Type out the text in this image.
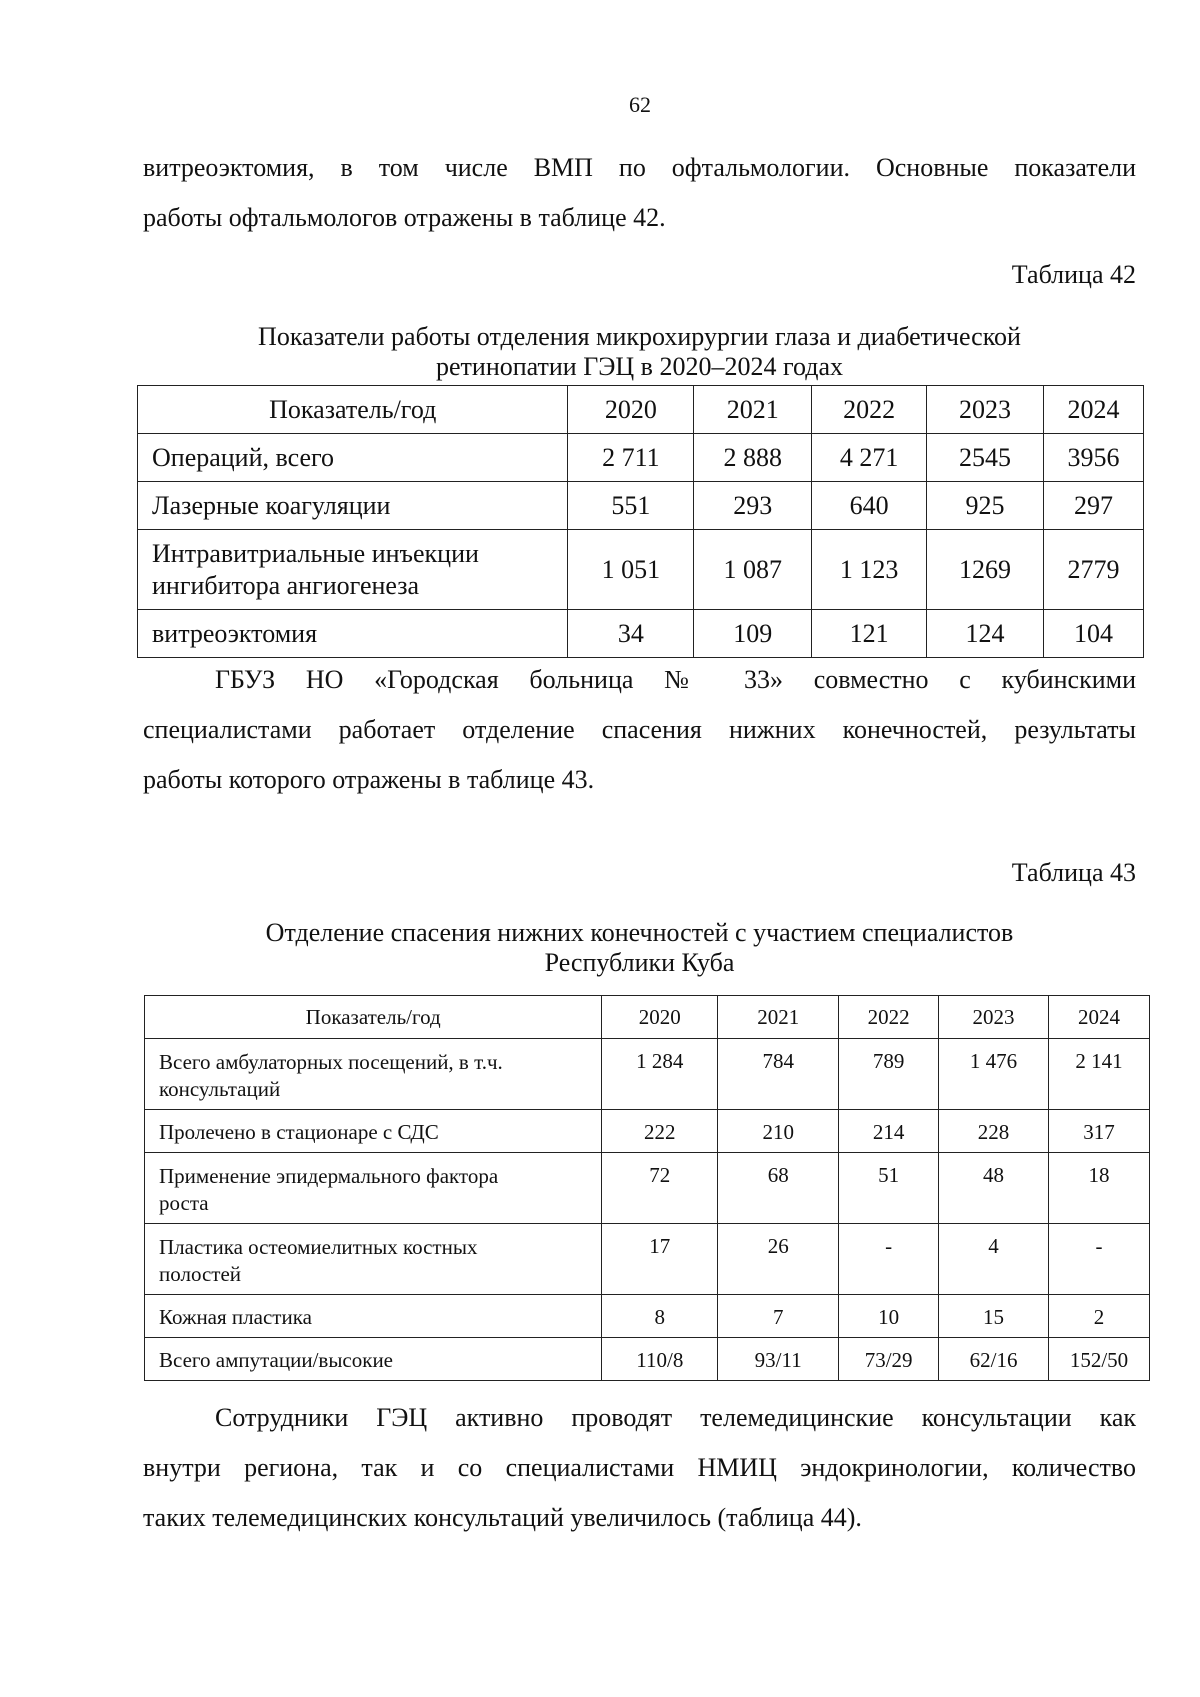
62
витреоэктомия, в том числе ВМП по офтальмологии. Основные показатели
работы офтальмологов отражены в таблице 42.
Таблица 42
Показатели работы отделения микрохирургии глаза и диабетической
ретинопатии ГЭЦ в 2020–2024 годах
Показатель/год	2020	2021	2022	2023	2024
Операций, всего	2 711	2 888	4 271	2545	3956
Лазерные коагуляции	551	293	640	925	297

Интравитриальные инъекции
ингибитора ангиогенеза	1 051	1 087	1 123	1269	2779
витреоэктомия	34	109	121	124	104
ГБУЗ НО «Городская больница № 33» совместно с кубинскими
специалистами работает отделение спасения нижних конечностей, результаты
работы которого отражены в таблице 43.
Таблица 43
Отделение спасения нижних конечностей с участием специалистов
Республики Куба
Показатель/год	2020	2021	2022	2023	2024

Всего амбулаторных посещений, в т.ч.
консультаций	1 284	784	789	1 476	2 141
Пролечено в стационаре с СДС	222	210	214	228	317

Применение эпидермального фактора
роста	72	68	51	48	18

Пластика остеомиелитных костных
полостей	17	26	-	4	-
Кожная пластика	8	7	10	15	2
Всего ампутации/высокие	110/8	93/11	73/29	62/16	152/50
Сотрудники ГЭЦ активно проводят телемедицинские консультации как
внутри региона, так и со специалистами НМИЦ эндокринологии, количество
таких телемедицинских консультаций увеличилось (таблица 44).
